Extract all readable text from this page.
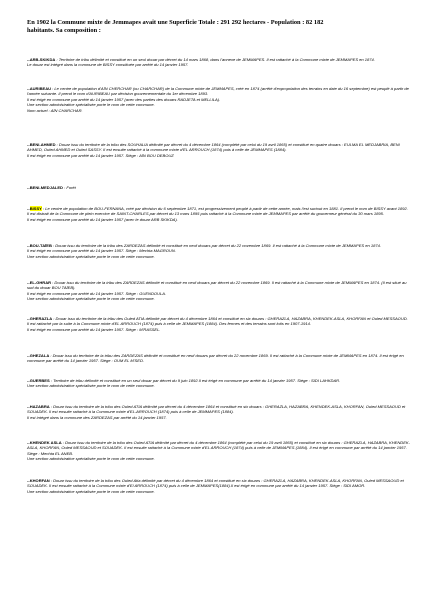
En 1902 la Commune mixte de Jemmapes avait une Superficie Totale : 291 292 hectares - Population : 82 182
habitants. Sa composition :

--ARB-SKIKDA : Territoire de tribu délimité et constitué en un seul douar par décret du 14 mars 1868, dans l'annexe de JEMMAPES. Il est rattaché à la Commune mixte de JEMMAPES en 1874.

Le douar est intégré dans la commune de BISSY constituée par arrêté du 14 janvier 1957.

--AURIBEAU : Le centre de population d'AÏN CHERCHAR (ou CHARCHAR) de la Commune mixte de JEMMAPES, créé en 1874 (arrêté d'expropriation des terrains en date du 16 septembre) est peuplé à partir de l'année suivante. Il prend le nom d'AURIBEAU par décision gouvernementale du 1er décembre 1893.

Il est érigé en commune par arrêté du 14 janvier 1957 (avec des parties des douars RADJETA et MELLILA).

Une section administrative spécialisée porte le nom de cette commune.

Nom actuel : AÏN CHARCHAR.

--BENI-AHMED : Douar issu du territoire de la tribu des SOUHALIA délimité par décret du 4 décembre 1864 (complété par celui du 19 avril 1865) et constitué en quatre douars : EULMA EL MEDJABRIA, BENI AHMED, Ouled AHMED et Ouled SASSY. Il est ensuite rattaché à la commune mixte d'EL ARROUCH (1874) puis à celle de JEMMAPES (1884).

Il est érigé en commune par arrêté du 14 janvier 1957. Siège : AÏN BOU DEBOUZ

--BENI-MEDJALED : Forêt

--BISSY : Le centre de population de BOU-FERNANA, créé par décision du 6 septembre 1871, est progressivement peuplé à partir de cette année, mais l'est surtout en 1881. Il prend le nom de BISSY avant 1892. Il est distrait de la Commune de plein exercice de SAINT-CHARLES par décret du 13 mars 1895 puis rattaché à la Commune mixte de JEMMAPES par arrêté du gouverneur général du 30 mars 1895.

Il est érigé en commune par arrêté du 14 janvier 1957 (avec le douar ARB SKIKDA).

--BOU-TAÏEB : Douar issu du territoire de la tribu des ZARDEZAS délimité et constitué en neuf douars par décret du 22 novembre 1869. Il est rattaché à la Commune mixte de JEMMAPES en 1874.

Il est érigé en commune par arrêté du 14 janvier 1957. Siège : Mechta MAGROUN.

Une section administrative spécialisée porte le nom de cette commune.

--EL-GHRAR : Douar issu du territoire de la tribu des ZARDEZAS délimité et constitué en neuf douars par décret du 22 novembre 1869. Il est rattaché à la Commune mixte de JEMMAPES en 1874. (Il est situé au sud du douar BOU TAÏEB).

Il est érigé en commune par arrêté du 14 janvier 1957. Siège : GUENDOULA.

Une section administrative spécialisée porte le nom de cette commune.

--GHERAZLA : Douar issu du territoire de la tribu des Ouled ATIA délimité par décret du 4 décembre 1864 et constitué en six douars : GHERAZLA, HAZABRA, KHENDEK-ASLA, KHORFAN et Ouled MESSAOUD. Il est rattaché par la suite à la Commune mixte d'EL ARROUCH (1874) puis à celle de JEMMAPES (1884). Des fermes et des terrains sont lotis en 1907-1914.

Il est érigé en commune par arrêté du 14 janvier 1957. Siège : M'RASSEL.

--GHEZALA : Douar issu du territoire de la tribu des ZARDEZAS délimité et constitué en neuf douars par décret du 22 novembre 1869. Il est rattaché à la Commune mixte de JEMMAPES en 1874. Il est érigé en commune par arrêté du 14 janvier 1957. Siège : OUM EL M'SED.

--GUERBES : Territoire de tribu délimité et constitué en un seul douar par décret du 9 juin 1892.Il est érigé en commune par arrêté du 14 janvier 1957. Siège : SIDI LAHKDAR.

Une section administrative spécialisée porte le nom de cette commune.

--HAZABRA : Douar issu du territoire de la tribu des Ouled ATIA délimité par décret du 4 décembre 1864 et constitué en six douars : GHERAZLA, HAZABRA, KHENDEK-ASLA, KHORFAN, Ouled MESSAOUD et SOUADEK. Il est ensuite rattaché à la Commune mixte d'EL-ARROUCH (1874) puis à celle de JEMMAPES (1884).

Il est intégré dans la commune des ZARDEZAS par arrêté du 14 janvier 1957.

--KHENDEK ASLA : Douar issu du territoire de la tribu des Ouled ATIA délimité par décret du 4 décembre 1864 (complété par celui du 19 avril 1865) et constitué en six douars : GHERAZLA, HAZABRA, KHENDEK-ASLA, KHORFAN, Ouled MESSAOUD et SOUADEK. Il est ensuite rattaché à la Commune mixte d'EL ARROUCH (1874) puis à celle de JEMMAPES (1884). Il est érigé en commune par arrêté du 14 janvier 1957. Siège : Mechta EL ANEB.

Une section administrative spécialisée porte le nom de cette commune.

--KHORFAN : Douar issu du territoire de la tribu des Ouled Atia délimité par décret du 4 décembre 1864 et constitué en six douars : GHERAZLA, HAZABRA, KHENDEK-ASLA, KHORFAN, Ouled MESSAOUD et SOUADEK. Il est ensuite rattaché à la Commune mixte d'El ARROUCH (1874) puis à celle de JEMMAPES(1884).Il est érigé en commune par arrêté du 14 janvier 1957. Siège : SIDI AMOR.

Une section administrative spécialisée porte le nom de cette commune.
